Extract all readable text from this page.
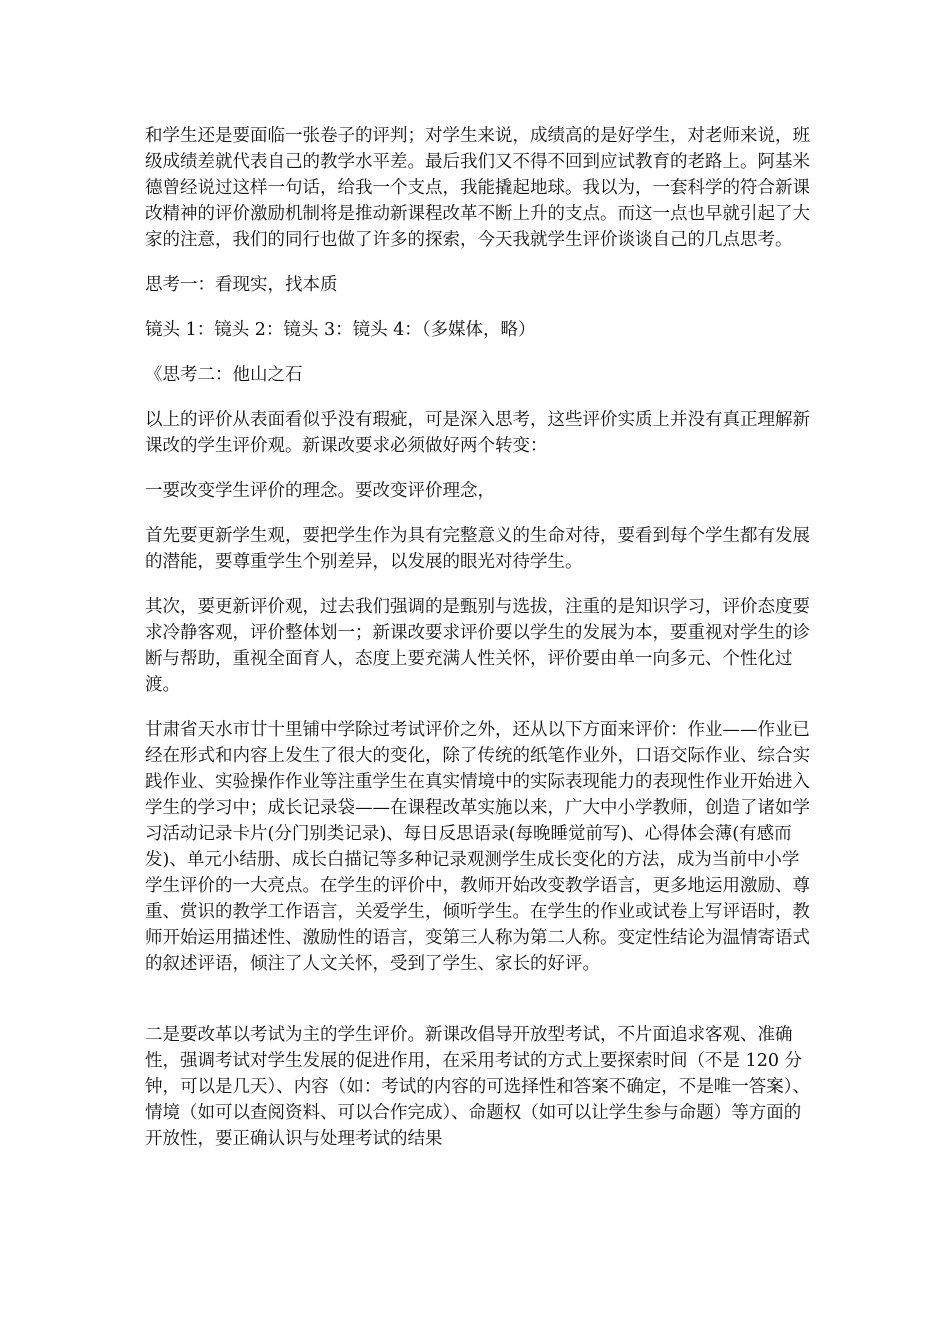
和学生还是要面临一张卷子的评判；对学生来说，成绩高的是好学生，对老师来说，班级成绩差就代表自己的教学水平差。最后我们又不得不回到应试教育的老路上。阿基米德曾经说过这样一句话，给我一个支点，我能撬起地球。我以为，一套科学的符合新课改精神的评价激励机制将是推动新课程改革不断上升的支点。而这一点也早就引起了大家的注意，我们的同行也做了许多的探索，今天我就学生评价谈谈自己的几点思考。

思考一：看现实，找本质

镜头 1：镜头 2：镜头 3：镜头 4：（多媒体，略）

《思考二：他山之石

以上的评价从表面看似乎没有瑕疵，可是深入思考，这些评价实质上并没有真正理解新课改的学生评价观。新课改要求必须做好两个转变：

一要改变学生评价的理念。要改变评价理念，

首先要更新学生观，要把学生作为具有完整意义的生命对待，要看到每个学生都有发展的潜能，要尊重学生个别差异，以发展的眼光对待学生。

其次，要更新评价观，过去我们强调的是甄别与选拔，注重的是知识学习，评价态度要求冷静客观，评价整体划一；新课改要求评价要以学生的发展为本，要重视对学生的诊断与帮助，重视全面育人，态度上要充满人性关怀，评价要由单一向多元、个性化过渡。

甘肃省天水市廿十里铺中学除过考试评价之外，还从以下方面来评价：作业——作业已经在形式和内容上发生了很大的变化，除了传统的纸笔作业外，口语交际作业、综合实践作业、实验操作作业等注重学生在真实情境中的实际表现能力的表现性作业开始进入学生的学习中；成长记录袋——在课程改革实施以来，广大中小学教师，创造了诸如学习活动记录卡片(分门别类记录)、每日反思语录(每晚睡觉前写)、心得体会薄(有感而发)、单元小结册、成长白描记等多种记录观测学生成长变化的方法，成为当前中小学学生评价的一大亮点。在学生的评价中，教师开始改变教学语言，更多地运用激励、尊重、赏识的教学工作语言，关爱学生，倾听学生。在学生的作业或试卷上写评语时，教师开始运用描述性、激励性的语言，变第三人称为第二人称。变定性结论为温情寄语式的叙述评语，倾注了人文关怀，受到了学生、家长的好评。

二是要改革以考试为主的学生评价。新课改倡导开放型考试，不片面追求客观、准确性，强调考试对学生发展的促进作用，在采用考试的方式上要探索时间（不是 120 分钟，可以是几天）、内容（如：考试的内容的可选择性和答案不确定，不是唯一答案）、情境（如可以查阅资料、可以合作完成）、命题权（如可以让学生参与命题）等方面的开放性，要正确认识与处理考试的结果
